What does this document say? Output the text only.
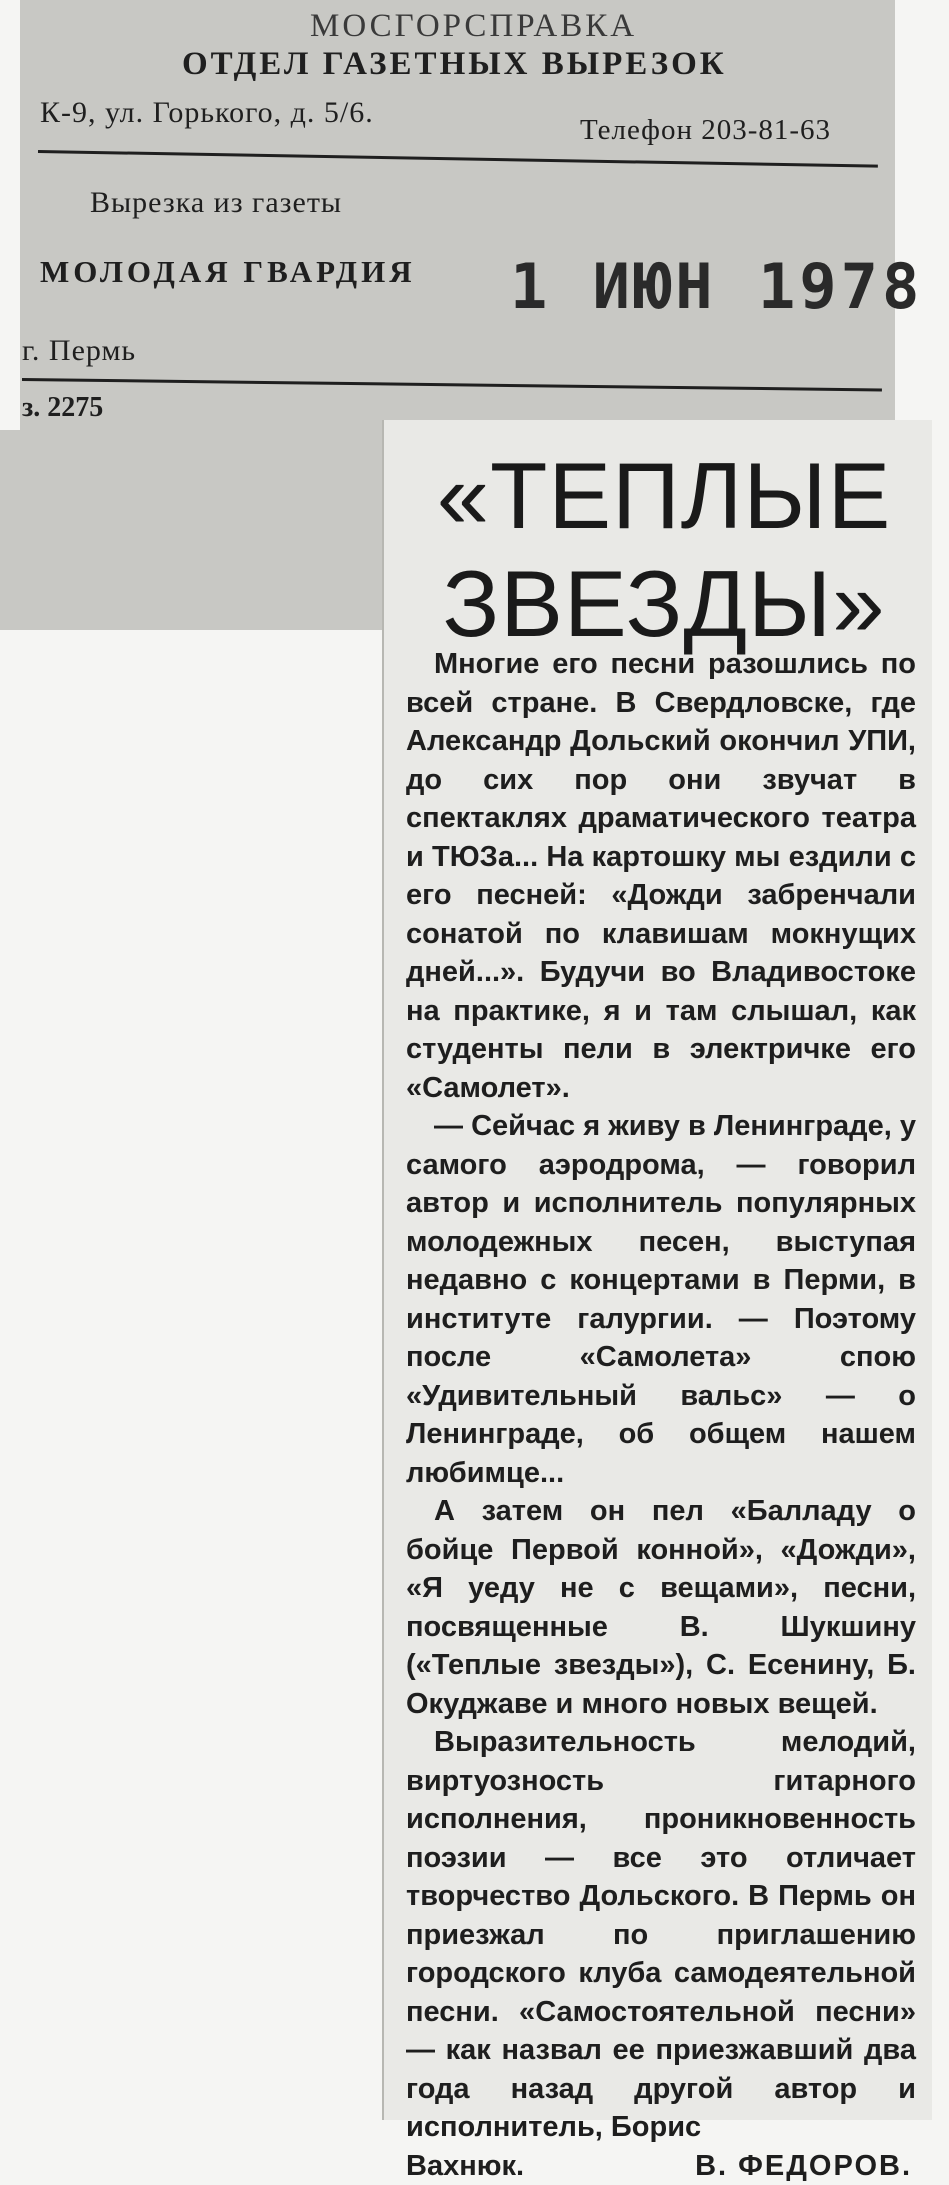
МОСГОРСПРАВКА
ОТДЕЛ ГАЗЕТНЫХ ВЫРЕЗОК
К-9, ул. Горького, д. 5/6.
Телефон 203-81-63
Вырезка из газеты
МОЛОДАЯ ГВАРДИЯ 1 ИЮН 1978
г. Пермь
з. 2275
«ТЕПЛЫЕ ЗВЕЗДЫ»

Многие его песни разошлись по всей стране. В Свердловске, где Александр Дольский окончил УПИ, до сих пор они звучат в спектаклях драматического театра и ТЮЗа... На картошку мы ездили с его песней: «Дожди забренчали сонатой по клавишам мокнущих дней...». Будучи во Владивостоке на практике, я и там слышал, как студенты пели в электричке его «Самолет».

— Сейчас я живу в Ленинграде, у самого аэродрома, — говорил автор и исполнитель популярных молодежных песен, выступая недавно с концертами в Перми, в институте галургии. — Поэтому после «Самолета» спою «Удивительный вальс» — о Ленинграде, об общем нашем любимце...

А затем он пел «Балладу о бойце Первой конной», «Дожди», «Я уеду не с вещами», песни, посвященные В. Шукшину («Теплые звезды»), С. Есенину, Б. Окуджаве и много новых вещей.

Выразительность мелодий, виртуозность гитарного исполнения, проникновенность поэзии — все это отличает творчество Дольского. В Пермь он приезжал по приглашению городского клуба самодеятельной песни. «Самостоятельной песни» — как назвал ее приезжавший два года назад другой автор и исполнитель, Борис

Вахнюк.	В. ФЕДОРОВ.
